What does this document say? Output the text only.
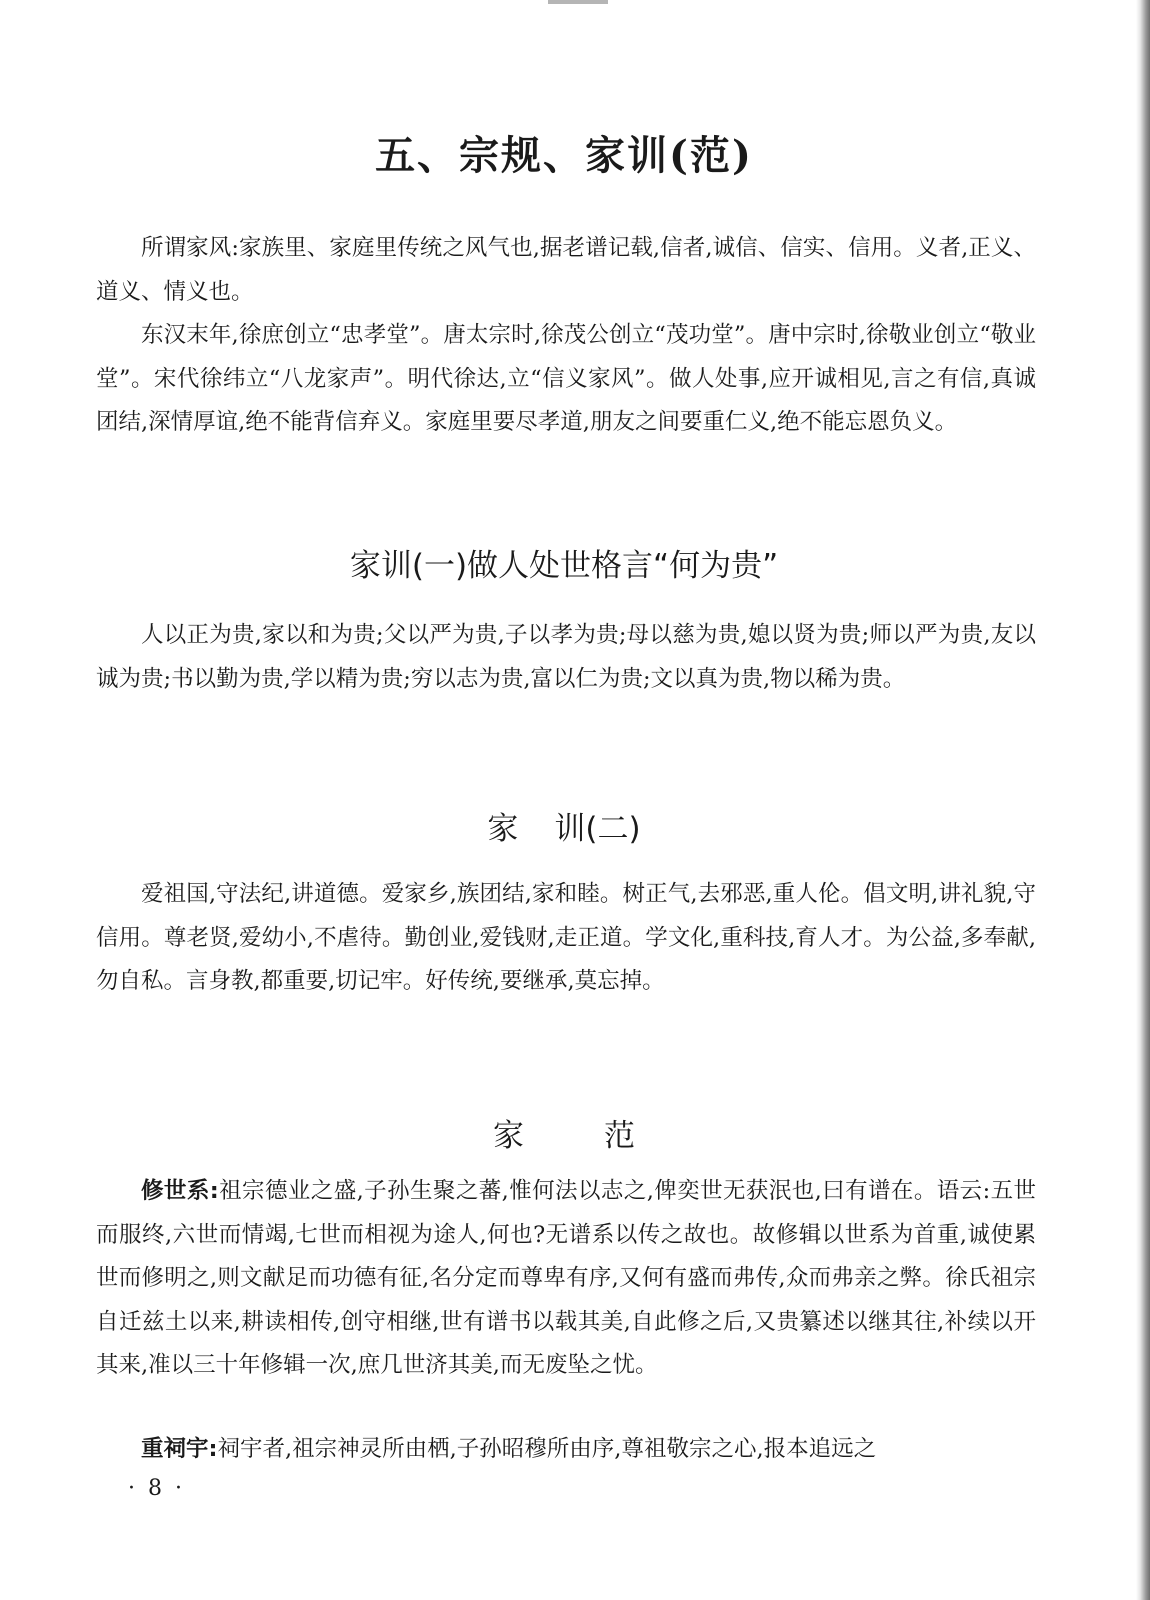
五、宗规、家训(范)

所谓家风:家族里、家庭里传统之风气也,据老谱记载,信者,诚信、信实、信用。义者,正义、道义、情义也。

东汉末年,徐庶创立“忠孝堂”。唐太宗时,徐茂公创立“茂功堂”。唐中宗时,徐敬业创立“敬业堂”。宋代徐纬立“八龙家声”。明代徐达,立“信义家风”。做人处事,应开诚相见,言之有信,真诚团结,深情厚谊,绝不能背信弃义。家庭里要尽孝道,朋友之间要重仁义,绝不能忘恩负义。

家训(一)做人处世格言“何为贵”

人以正为贵,家以和为贵;父以严为贵,子以孝为贵;母以慈为贵,媳以贤为贵;师以严为贵,友以诚为贵;书以勤为贵,学以精为贵;穷以志为贵,富以仁为贵;文以真为贵,物以稀为贵。

家 训(二)

爱祖国,守法纪,讲道德。爱家乡,族团结,家和睦。树正气,去邪恶,重人伦。倡文明,讲礼貌,守信用。尊老贤,爱幼小,不虐待。勤创业,爱钱财,走正道。学文化,重科技,育人才。为公益,多奉献,勿自私。言身教,都重要,切记牢。好传统,要继承,莫忘掉。

家	范

修世系:祖宗德业之盛,子孙生聚之蕃,惟何法以志之,俾奕世无获泯也,曰有谱在。语云:五世而服终,六世而情竭,七世而相视为途人,何也?无谱系以传之故也。故修辑以世系为首重,诚使累世而修明之,则文献足而功德有征,名分定而尊卑有序,又何有盛而弗传,众而弗亲之弊。徐氏祖宗自迁兹土以来,耕读相传,创守相继,世有谱书以载其美,自此修之后,又贵纂述以继其往,补续以开其来,准以三十年修辑一次,庶几世济其美,而无废坠之忧。

重祠宇:祠宇者,祖宗神灵所由栖,子孙昭穆所由序,尊祖敬宗之心,报本追远之

· 8 ·
